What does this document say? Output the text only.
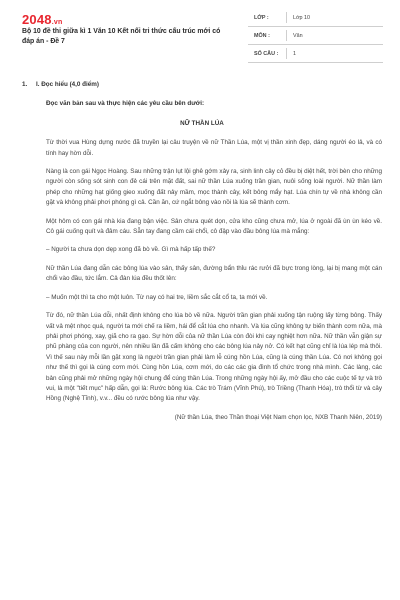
2048.vn
Bộ 10 đề thi giữa kì 1 Văn 10 Kết nối tri thức cấu trúc mới có đáp án - Đề 7
LỚP :	Lớp 10
MÔN :	Văn
SỐ CÂU :	1
1.	I. Đọc hiểu (4,0 điểm)
Đọc văn bản sau và thực hiện các yêu cầu bên dưới:
NỮ THẦN LÚA

Từ thời vua Hùng dựng nước đã truyền lại câu truyện về nữ Thần Lúa, một vị thần xinh đẹp, dáng người éo lả, và có tính hay hờn dỗi.

Nàng là con gái Ngọc Hoàng. Sau những trận lụt lội ghê gớm xảy ra, sinh linh cây cỏ đều bị diệt hết, trời bèn cho những người còn sống sót sinh con đẻ cái trên mặt đất, sai nữ thần Lúa xuống trần gian, nuôi sống loài người. Nữ thần làm phép cho những hạt giống gieo xuống đất nảy mầm, mọc thành cây, kết bông mẩy hạt. Lúa chín tự về nhà không cần gặt và không phải phơi phóng gì cả. Cần ăn, cứ ngắt bông vào nồi là lúa sẽ thành cơm.

Một hôm có con gái nhà kia đang bận việc. Sân chưa quét dọn, cửa kho cũng chưa mở, lúa ở ngoài đã ùn ùn kéo về. Cô gái cuống quít và đâm cáu. Sẵn tay đang cầm cái chổi, cô đập vào đầu bông lúa mà mắng:

– Người ta chưa dọn dẹp xong đã bò về. Gì mà hấp tấp thế?

Nữ thần Lúa đang dẫn các bông lúa vào sân, thấy sân, đường bẩn thỉu rác rưởi đã bực trong lòng, lại bị mang một cán chổi vào đầu, tức lắm. Cả đàn lúa đều thốt lên:

– Muốn một thì ta cho một luôn. Từ nay có hai tre, liềm sắc cắt cổ ta, ta mới về.

Từ đó, nữ thần Lúa dỗi, nhất định không cho lúa bò về nữa. Người trần gian phải xuống tận ruộng lấy từng bông. Thấy vất vả mệt nhọc quá, người ta mới chế ra liềm, hái để cắt lúa cho nhanh. Và lúa cũng không tự biến thành cơm nữa, mà phải phơi phóng, xay, giã cho ra gạo. Sự hờn dỗi của nữ thần Lúa còn đòi khi cay nghiệt hơn nữa. Nữ thần vẫn giận sự phũ phàng của con người, nên nhiều lần đã cấm không cho các bông lúa nảy nở. Có kết hạt cũng chỉ là lúa lép mà thôi. Vì thế sau này mỗi lần gặt xong là người trần gian phải làm lễ cúng hồn Lúa, cũng là cúng thần Lúa. Có nơi không gọi như thế thì gọi là cúng cơm mới. Cùng hồn Lúa, cơm mới, do các các gia đình tổ chức trong nhà mình. Các làng, các bản cũng phải mở những ngày hội chung để cúng thần Lúa. Trong những ngày hội ấy, mở đầu cho các cuộc tế tự và trò vui, là một "tiết mục" hấp dẫn, gọi là: Rước bông lúa. Các trò Trám (Vĩnh Phú), trò Triềng (Thanh Hóa), trò thổi từ và cây Hồng (Nghệ Tĩnh), v.v... đều có rước bông lúa như vậy.

(Nữ thần Lúa, theo Thần thoại Việt Nam chọn lọc, NXB Thanh Niên, 2019)
